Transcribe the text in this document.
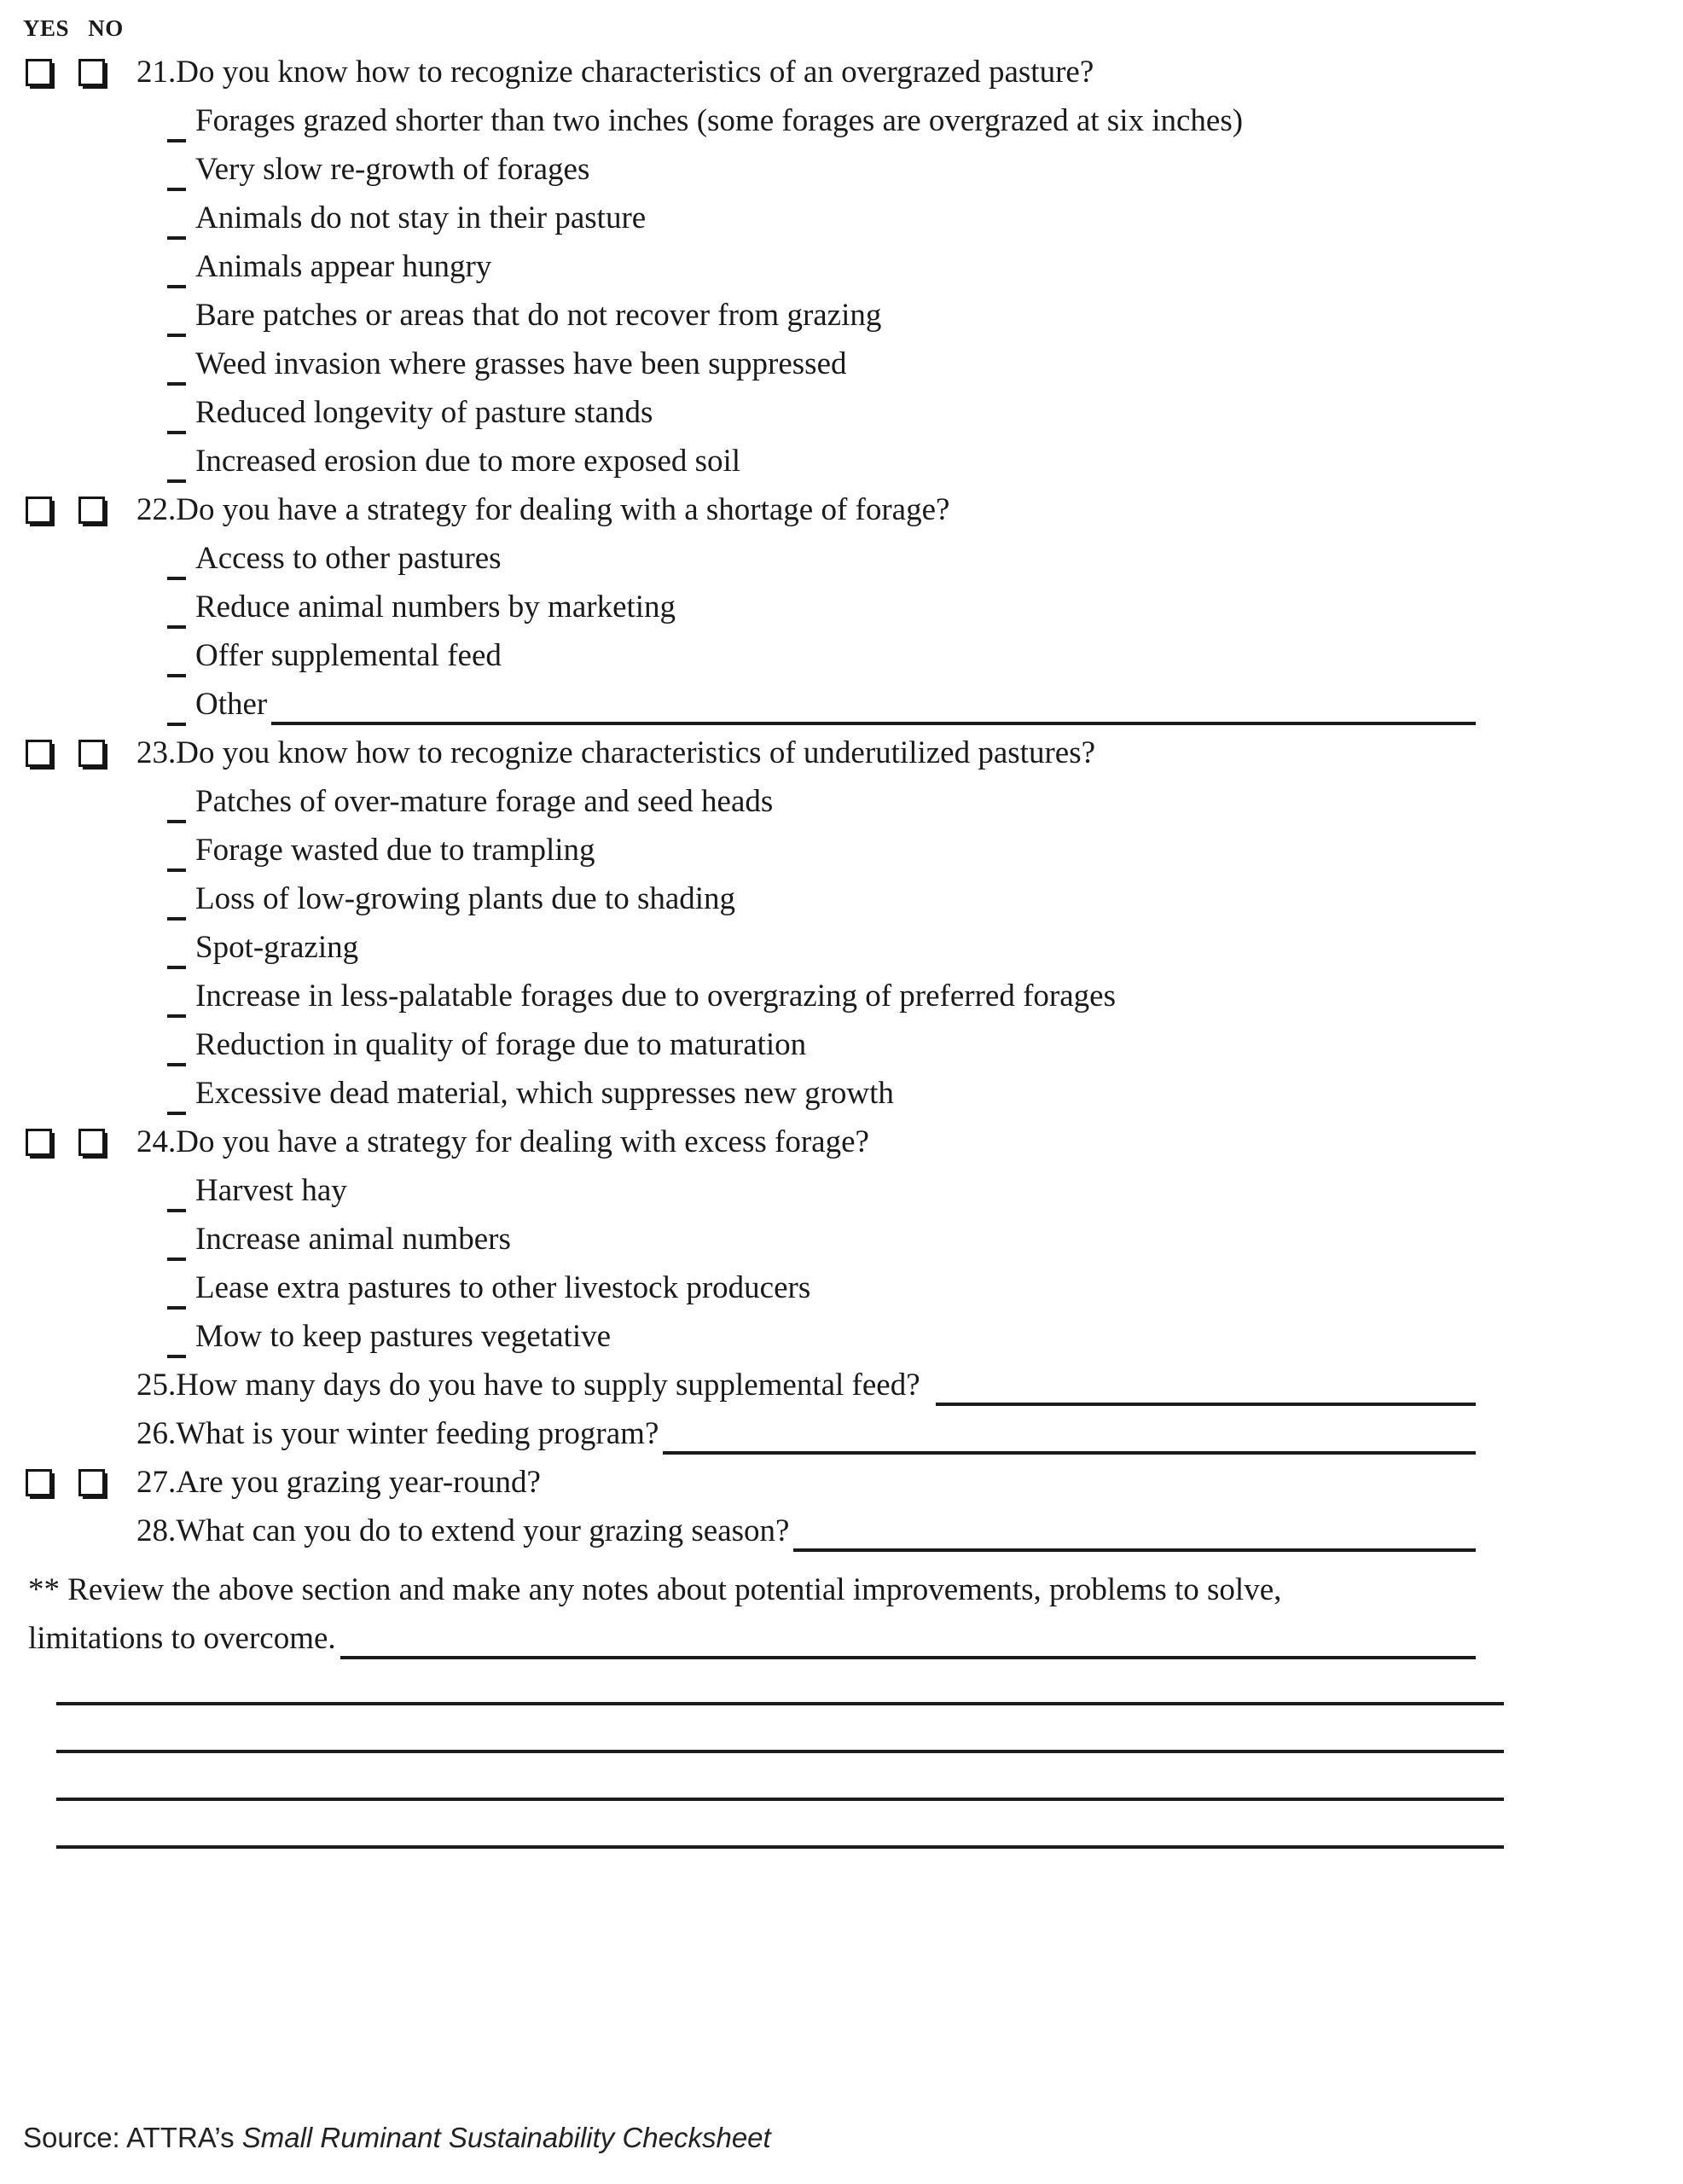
YES NO
21. Do you know how to recognize characteristics of an overgrazed pasture?
Forages grazed shorter than two inches (some forages are overgrazed at six inches)
Very slow re-growth of forages
Animals do not stay in their pasture
Animals appear hungry
Bare patches or areas that do not recover from grazing
Weed invasion where grasses have been suppressed
Reduced longevity of pasture stands
Increased erosion due to more exposed soil
22. Do you have a strategy for dealing with a shortage of forage?
Access to other pastures
Reduce animal numbers by marketing
Offer supplemental feed
Other
23. Do you know how to recognize characteristics of underutilized pastures?
Patches of over-mature forage and seed heads
Forage wasted due to trampling
Loss of low-growing plants due to shading
Spot-grazing
Increase in less-palatable forages due to overgrazing of preferred forages
Reduction in quality of forage due to maturation
Excessive dead material, which suppresses new growth
24. Do you have a strategy for dealing with excess forage?
Harvest hay
Increase animal numbers
Lease extra pastures to other livestock producers
Mow to keep pastures vegetative
25. How many days do you have to supply supplemental feed?
26. What is your winter feeding program?
27. Are you grazing year-round?
28. What can you do to extend your grazing season?
** Review the above section and make any notes about potential improvements, problems to solve,
limitations to overcome.
Source: ATTRA’s Small Ruminant Sustainability Checksheet
